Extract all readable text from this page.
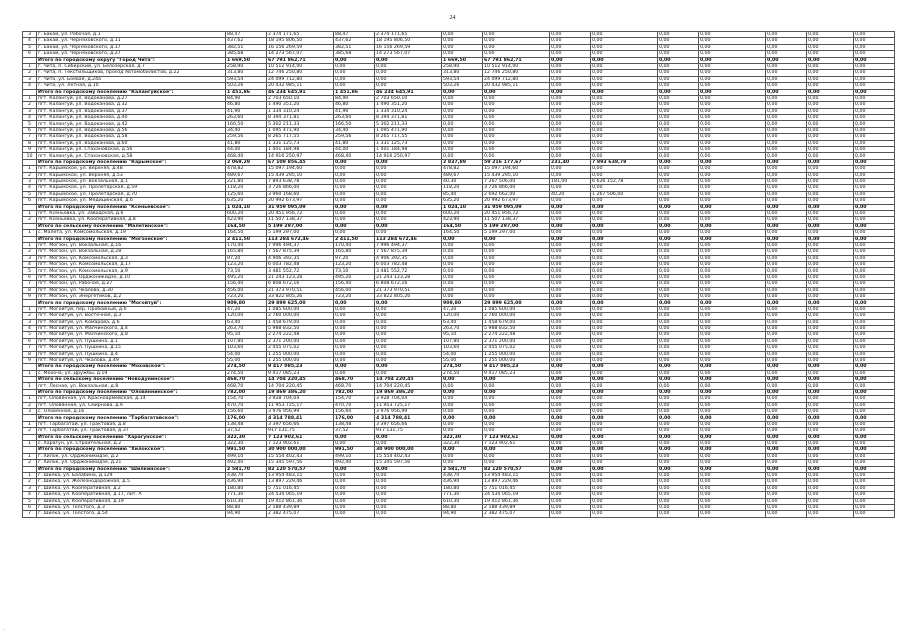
24
3	г. Бакай, ул. Рабочая, д.1	88,47	2 374 171,65	88,47	2 374 171,65	0,00	0,00	0,00	0,00	0,00	0,00	0,00	0,00	0,00
4	г. Бакай, ул. Черняховского, д.11	437,62	18 195 806,50	437,62	18 195 806,50	0,00	0,00	0,00	0,00	0,00	0,00	0,00	0,00	0,00
5	г. Бакай, ул. Черняховского, д.17	382,51	16 156 269,59	382,51	16 156 269,59	0,00	0,00	0,00	0,00	0,00	0,00	0,00	0,00	0,00
6	г. Бакай, ул. Черняховского, д.27	385,68	14 273 567,07	385,68	14 273 567,07	0,00	0,00	0,00	0,00	0,00	0,00	0,00	0,00	0,00
	Итого по городскому округу "Город Чита":	1 669,50	67 791 862,71	0,00	0,00	1 669,50	67 791 862,71	0,00	0,00	0,00	0,00	0,00	0,00	0,00
1	г. Чита, п. Сибирский, ул. Белозерская, д.7	258,90	10 512 914,00	0,00	0,00	258,90	10 512 914,00	0,00	0,00	0,00	0,00	0,00	0,00	0,00
2	г. Чита, п. Текстильщиков, проезд Автомобилистов, д.22	313,80	12 746 250,80	0,00	0,00	313,80	12 746 250,80	0,00	0,00	0,00	0,00	0,00	0,00	0,00
3	г. Чита, ул. Боевая, д.24а	593,54	24 099 712,80	0,00	0,00	593,54	24 099 712,80	0,00	0,00	0,00	0,00	0,00	0,00	0,00
4	г. Чита, ул. Летная, д.10	503,26	20 432 985,11	0,00	0,00	503,26	20 432 985,11	0,00	0,00	0,00	0,00	0,00	0,00	0,00
	Итого по городскому поселению "Калангуйское":	1 451,86	46 234 645,91	1 451,86	46 234 645,91	0,00	0,00	0,00	0,00	0,00	0,00	0,00	0,00	0,00
1	пгт. Калангуй, ул. Водоканова, д.27	84,90	2 703 650,10	84,90	2 703 650,10	0,00	0,00	0,00	0,00	0,00	0,00	0,00	0,00	0,00
2	пгт. Калангуй, ул. Водоканова, д.32	46,80	1 490 351,20	46,80	1 490 351,20	0,00	0,00	0,00	0,00	0,00	0,00	0,00	0,00	0,00
3	пгт. Калангуй, ул. Водоканова, д.37	41,90	1 334 310,24	41,90	1 334 310,24	0,00	0,00	0,00	0,00	0,00	0,00	0,00	0,00	0,00
4	пгт. Калангуй, ул. Водоканова, д.40	263,60	8 394 371,81	263,60	8 394 371,81	0,00	0,00	0,00	0,00	0,00	0,00	0,00	0,00	0,00
5	пгт. Калангуй, ул. Водоканова, д.42	166,50	5 302 211,33	166,50	5 302 211,33	0,00	0,00	0,00	0,00	0,00	0,00	0,00	0,00	0,00
6	пгт. Калангуй, ул. Водоканова, д.56	34,40	1 095 471,90	34,40	1 095 471,90	0,00	0,00	0,00	0,00	0,00	0,00	0,00	0,00	0,00
7	пгт. Калангуй, ул. Водоканова, д.58	259,56	8 265 717,55	259,56	8 265 717,55	0,00	0,00	0,00	0,00	0,00	0,00	0,00	0,00	0,00
8	пгт. Калангуй, ул. Водоканова, д.60	41,80	1 331 125,73	41,80	1 331 125,73	0,00	0,00	0,00	0,00	0,00	0,00	0,00	0,00	0,00
9	пгт. Калангуй, ул. Стахановская, д.56	44,00	1 401 184,98	44,00	1 401 184,98	0,00	0,00	0,00	0,00	0,00	0,00	0,00	0,00	0,00
10	пгт. Калангуй, ул. Стахановская, д.58	468,40	14 916 250,97	468,40	14 916 250,97	0,00	0,00	0,00	0,00	0,00	0,00	0,00	0,00	0,00
	Итого по городскому поселению "Карымское":	2 069,29	67 109 856,45	0,00	0,00	2 837,89	59 216 177,67	231,40	7 893 638,78	0,00	0,00	0,00	0,00	0,00
1	пгт. Карымское, ул. Верхняя, д.48	478,82	15 097 194,60	0,00	0,00	478,82	15 097 194,60	0,00	0,00	0,00	0,00	0,00	0,00	0,00
2	пгт. Карымское, ул. Верхняя, д.53	489,67	15 439 295,10	0,00	0,00	489,67	15 439 295,10	0,00	0,00	0,00	0,00	0,00	0,00	0,00
3	пгт. Карымское, ул. Вокзальная, д.1	221,80	7 893 638,78	0,00	0,00	40,30	7 267 506,00	181,00	6 626 152,78	0,00	0,00	0,00	0,00	0,00
4	пгт. Карымское, ул. Пролетарская, д.59	118,20	3 726 866,00	0,00	0,00	118,20	3 726 866,00	0,00	0,00	0,00	0,00	0,00	0,00	0,00
5	пгт. Карымское, ул. Пролетарская, д.70	125,60	3 960 168,60	0,00	0,00	85,40	2 692 662,00	40,20	1 267 506,00	0,00	0,00	0,00	0,00	0,00
6	пгт. Карымское, ул. Медицинская, д.6	635,20	20 992 673,97	0,00	0,00	635,20	20 992 673,97	0,00	0,00	0,00	0,00	0,00	0,00	0,00
	Итого по городскому поселению "Ксеньевское":	1 024,10	31 959 095,09	0,00	0,00	1 024,10	31 959 095,09	0,00	0,00	0,00	0,00	0,00	0,00	0,00
1	пгт. Ксеньевка, ул. Заводская, д.6	600,20	20 451 956,72	0,00	0,00	600,20	20 451 956,72	0,00	0,00	0,00	0,00	0,00	0,00	0,00
2	пгт. Ксеньевка, ул. Кооперативная, д.8	423,90	11 507 138,37	0,00	0,00	423,90	11 507 138,37	0,00	0,00	0,00	0,00	0,00	0,00	0,00
	Итого по сельскому поселению "Малетинское":	164,50	5 199 297,00	0,00	0,00	164,50	5 199 297,00	0,00	0,00	0,00	0,00	0,00	0,00	0,00
1	с. Малета, ул. Комсомольская, д.19	164,50	5 199 297,00	0,00	0,00	164,50	5 199 297,00	0,00	0,00	0,00	0,00	0,00	0,00	0,00
	Итого по городскому поселению "Могзонское":	2 411,50	113 284 672,46	2 411,50	113 284 672,46	0,00	0,00	0,00	0,00	0,00	0,00	0,00	0,00	0,00
1	пгт. Могзон, ул. Вокзальная, д.16	170,40	7 996 494,37	170,40	7 996 494,37	0,00	0,00	0,00	0,00	0,00	0,00	0,00	0,00	0,00
2	пгт. Могзон, ул. Вокзальная, д.28	165,80	7 567 875,39	165,80	7 567 875,39	0,00	0,00	0,00	0,00	0,00	0,00	0,00	0,00	0,00
3	пгт. Могзон, ул. Комсомольская, д.3	97,20	4 906 392,35	97,20	4 906 392,35	0,00	0,00	0,00	0,00	0,00	0,00	0,00	0,00	0,00
4	пгт. Могзон, ул. Комсомольская, д.17	123,20	6 003 782,48	123,20	6 003 782,48	0,00	0,00	0,00	0,00	0,00	0,00	0,00	0,00	0,00
5	пгт. Могзон, ул. Комсомольская, д.9	73,10	3 481 552,72	73,10	3 481 552,72	0,00	0,00	0,00	0,00	0,00	0,00	0,00	0,00	0,00
6	пгт. Могзон, ул. Орджоникидзе, д.10	495,20	21 243 123,28	495,20	21 243 123,28	0,00	0,00	0,00	0,00	0,00	0,00	0,00	0,00	0,00
7	пгт. Могзон, ул. Рабочая, д.27	156,40	6 808 672,16	156,40	6 808 672,16	0,00	0,00	0,00	0,00	0,00	0,00	0,00	0,00	0,00
8	пгт. Могзон, ул. Чкалова, д.30	456,00	21 373 970,51	456,00	21 373 970,51	0,00	0,00	0,00	0,00	0,00	0,00	0,00	0,00	0,00
9	пгт. Могзон, ул. Энергетиков, д.2	723,20	33 822 805,26	723,20	33 822 805,26	0,00	0,00	0,00	0,00	0,00	0,00	0,00	0,00	0,00
	Итого по городскому поселению "Могойтуй":	909,80	29 899 625,00	0,00	0,00	909,80	29 899 625,00	0,00	0,00	0,00	0,00	0,00	0,00	0,00
1	пгт. Могойтуй, пер. Пробойный, д.6	47,20	1 085 600,00	0,00	0,00	47,20	1 085 600,00	0,00	0,00	0,00	0,00	0,00	0,00	0,00
2	пгт. Могойтуй, ул. Восточная, д.3	120,00	2 760 000,00	0,00	0,00	120,00	2 760 000,00	0,00	0,00	0,00	0,00	0,00	0,00	0,00
3	пгт. Могойтуй, ул. Комарова, д.6	63,40	1 458 679,00	0,00	0,00	63,40	1 458 679,00	0,00	0,00	0,00	0,00	0,00	0,00	0,00
4	пгт. Могойтуй, ул. Малчинского, д.4	263,70	5 988 832,50	0,00	0,00	263,70	5 988 832,50	0,00	0,00	0,00	0,00	0,00	0,00	0,00
5	пгт. Могойтуй, ул. Малчинского, д.8	95,10	2 274 222,48	0,00	0,00	95,10	2 274 222,48	0,00	0,00	0,00	0,00	0,00	0,00	0,00
6	пгт. Могойтуй, ул. Пушкина, д.1	107,80	2 371 200,00	0,00	0,00	107,80	2 371 200,00	0,00	0,00	0,00	0,00	0,00	0,00	0,00
7	пгт. Могойтуй, ул. Пушкина, д.15	103,60	2 455 075,02	0,00	0,00	103,60	2 455 075,02	0,00	0,00	0,00	0,00	0,00	0,00	0,00
8	пгт. Могойтуй, ул. Пушкина, д.4	54,00	1 255 000,00	0,00	0,00	54,00	1 255 000,00	0,00	0,00	0,00	0,00	0,00	0,00	0,00
9	пгт. Могойтуй, ул. Чкалова, д.49	55,00	1 255 000,00	0,00	0,00	55,00	1 255 000,00	0,00	0,00	0,00	0,00	0,00	0,00	0,00
	Итого по городскому поселению "Моховское":	274,50	9 417 085,23	0,00	0,00	274,50	9 417 085,23	0,00	0,00	0,00	0,00	0,00	0,00	0,00
1	с. Мохоча, ул. Дружбы, д.19	274,50	9 417 085,23	0,00	0,00	274,50	9 417 085,23	0,00	0,00	0,00	0,00	0,00	0,00	0,00
	Итого по сельскому поселению "Новодунинское":	468,70	14 704 220,45	468,70	14 704 220,45	0,00	0,00	0,00	0,00	0,00	0,00	0,00	0,00	0,00
1	пгт. Лесная, ул. Вокзальная, д.8	468,70	14 704 220,45	468,70	14 704 220,45	0,00	0,00	0,00	0,00	0,00	0,00	0,00	0,00	0,00
	Итого по городскому поселению "Оловяннинское":	782,00	19 869 386,20	782,00	19 869 386,20	0,00	0,00	0,00	0,00	0,00	0,00	0,00	0,00	0,00
1	пгт. Оловянная, ул. Красноармейская, д.14	154,70	3 928 704,04	154,70	3 928 704,04	0,00	0,00	0,00	0,00	0,00	0,00	0,00	0,00	0,00
2	пгт. Оловянная, ул. Смирнова, д.6	470,70	11 953 725,17	470,70	11 953 725,17	0,00	0,00	0,00	0,00	0,00	0,00	0,00	0,00	0,00
3	с. Оловянная, д.16	156,60	3 976 956,99	156,60	3 976 956,99	0,00	0,00	0,00	0,00	0,00	0,00	0,00	0,00	0,00
	Итого по городскому поселению "Тарбагатайское":	176,00	4 314 788,41	176,00	4 314 788,41	0,00	0,00	0,00	0,00	0,00	0,00	0,00	0,00	0,00
1	пгт. Тарбагатай, ул. Трактовая, д.8	138,48	3 397 656,66	138,48	3 397 656,66	0,00	0,00	0,00	0,00	0,00	0,00	0,00	0,00	0,00
2	пгт. Тарбагатай, ул. Трактовая, д.37	37,52	917 131,75	37,52	917 131,75	0,00	0,00	0,00	0,00	0,00	0,00	0,00	0,00	0,00
	Итого по сельскому поселению "Харагунское":	322,30	7 123 902,61	0,00	0,00	322,30	7 123 902,61	0,00	0,00	0,00	0,00	0,00	0,00	0,00
1	с. Харагун, ул. Строительная, д.2	322,30	7 123 902,61	0,00	0,00	322,30	7 123 902,61	0,00	0,00	0,00	0,00	0,00	0,00	0,00
	Итого по городскому поселению "Хилокское":	991,50	30 900 000,00	991,50	30 900 000,00	0,00	0,00	0,00	0,00	0,00	0,00	0,00	0,00	0,00
1	г. Хилок, ул. Орджоникидзе, д.2	499,10	15 554 402,43	499,10	15 554 402,43	0,00	0,00	0,00	0,00	0,00	0,00	0,00	0,00	0,00
2	г. Хилок, ул. Орджоникидзе, д.21	492,40	15 345 597,56	492,40	15 345 597,56	0,00	0,00	0,00	0,00	0,00	0,00	0,00	0,00	0,00
	Итого по городскому поселению "Шилкинское":	2 581,70	82 120 570,57	0,00	0,00	2 581,70	82 120 570,57	0,00	0,00	0,00	0,00	0,00	0,00	0,00
1	г. Шилка, ул. Балабина, д.129	438,70	13 954 483,15	0,00	0,00	438,70	13 954 483,15	0,00	0,00	0,00	0,00	0,00	0,00	0,00
2	г. Шилка, ул. Железнодорожная, д.5	436,90	13 897 229,46	0,00	0,00	436,90	13 897 229,46	0,00	0,00	0,00	0,00	0,00	0,00	0,00
3	г. Шилка, ул. Кооперативная, д.2	180,80	5 751 016,45	0,00	0,00	180,80	5 751 016,45	0,00	0,00	0,00	0,00	0,00	0,00	0,00
4	г. Шилка, ул. Кооперативная, д.17, лит. А	771,30	24 534 065,19	0,00	0,00	771,30	24 534 065,19	0,00	0,00	0,00	0,00	0,00	0,00	0,00
5	г. Шилка, ул. Кооперативная, д.19	610,30	19 412 861,36	0,00	0,00	610,30	19 412 861,36	0,00	0,00	0,00	0,00	0,00	0,00	0,00
6	г. Шилка, ул. Толстого, д.3	88,80	2 188 439,89	0,00	0,00	88,80	2 188 439,89	0,00	0,00	0,00	0,00	0,00	0,00	0,00
7	г. Шилка, ул. Толстого, д.54	94,90	2 382 475,07	0,00	0,00	94,90	2 382 475,07	0,00	0,00	0,00	0,00	0,00	0,00	0,00
·
